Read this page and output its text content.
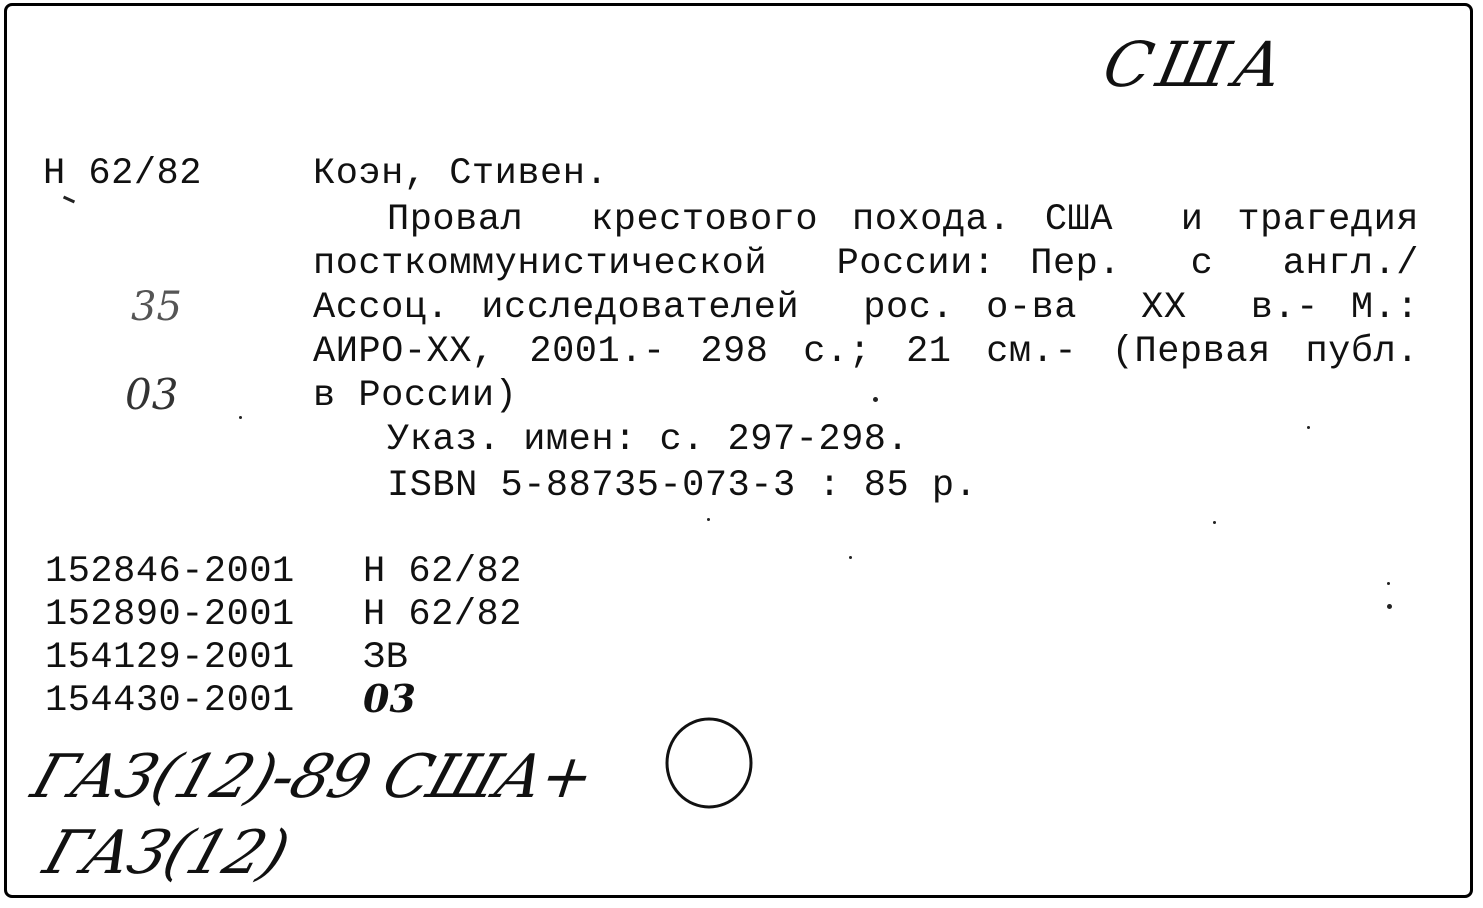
США
Н 62/82
35
03
Коэн, Стивен.
Провал  крестового похода. США  и трагедия
посткоммунистической  России: Пер.  с  англ./
Ассоц. исследователей  рос. о-ва  XX  в.- М.:
АИРО-XX, 2001.- 298 с.; 21 см.- (Первая публ.
в России)
Указ. имен: с. 297-298.
ISBN 5-88735-073-3 : 85 р.
152846-2001 Н 62/82
152890-2001 Н 62/82
154129-2001 ЗВ
154430-2001 03
ГАЗ(12)-89 США+
ГАЗ(12)
